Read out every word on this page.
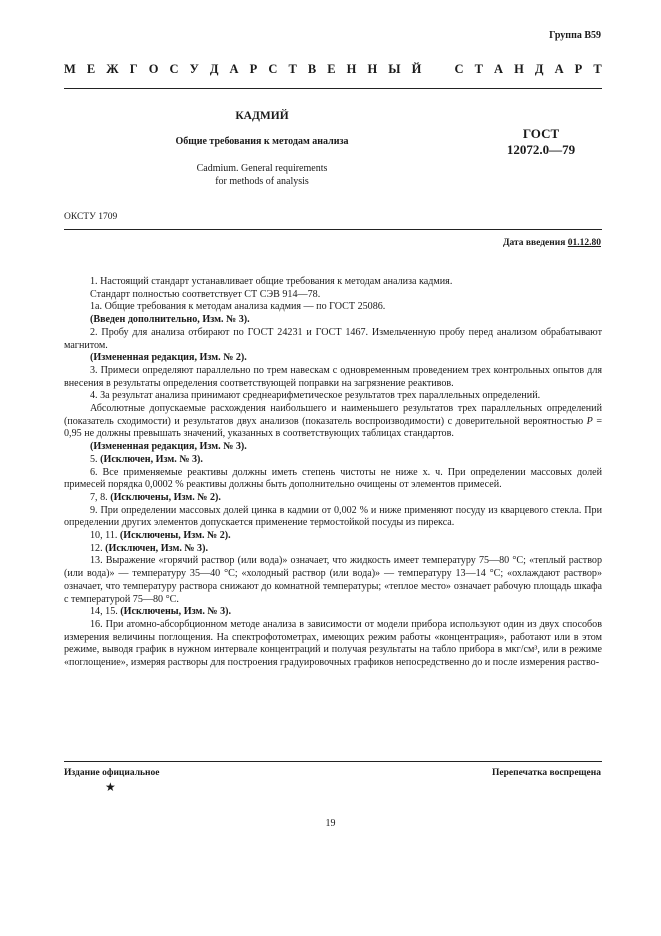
Группа B59
М Е Ж Г О С У Д А Р С Т В Е Н Н Ы Й	С Т А Н Д А Р Т
КАДМИЙ
Общие требования к методам анализа
Cadmium. General requirements
for methods of analysis
ГОСТ
12072.0—79
ОКСТУ 1709
Дата введения 01.12.80

1. Настоящий стандарт устанавливает общие требования к методам анализа кадмия.

Стандарт полностью соответствует СТ СЭВ 914—78.

1а. Общие требования к методам анализа кадмия — по ГОСТ 25086.

(Введен дополнительно, Изм. № 3).

2. Пробу для анализа отбирают по ГОСТ 24231 и ГОСТ 1467. Измельченную пробу перед анализом обрабатывают магнитом.

(Измененная редакция, Изм. № 2).

3. Примеси определяют параллельно по трем навескам с одновременным проведением трех контрольных опытов для внесения в результаты определения соответствующей поправки на загрязнение реактивов.

4. За результат анализа принимают среднеарифметическое результатов трех параллельных определений.

Абсолютные допускаемые расхождения наибольшего и наименьшего результатов трех параллельных определений (показатель сходимости) и результатов двух анализов (показатель воспроизводимости) с доверительной вероятностью P = 0,95 не должны превышать значений, указанных в соответствующих таблицах стандартов.

(Измененная редакция, Изм. № 3).

5. (Исключен, Изм. № 3).

6. Все применяемые реактивы должны иметь степень чистоты не ниже х. ч. При определении массовых долей примесей порядка 0,0002 % реактивы должны быть дополнительно очищены от элементов примесей.

7, 8. (Исключены, Изм. № 2).

9. При определении массовых долей цинка в кадмии от 0,002 % и ниже применяют посуду из кварцевого стекла. При определении других элементов допускается применение термостойкой посуды из пирекса.

10, 11. (Исключены, Изм. № 2).

12. (Исключен, Изм. № 3).

13. Выражение «горячий раствор (или вода)» означает, что жидкость имеет температуру 75—80 °С; «теплый раствор (или вода)» — температуру 35—40 °С; «холодный раствор (или вода)» — температуру 13—14 °С; «охлаждают раствор» означает, что температуру раствора снижают до комнатной температуры; «теплое место» означает рабочую площадь шкафа с температурой 75—80 °С.

14, 15. (Исключены, Изм. № 3).

16. При атомно-абсорбционном методе анализа в зависимости от модели прибора используют один из двух способов измерения величины поглощения. На спектрофотометрах, имеющих режим работы «концентрация», работают или в этом режиме, выводя график в нужном интервале концентраций и получая результаты на табло прибора в мкг/см³, или в режиме «поглощение», измеряя растворы для построения градуировочных графиков непосредственно до и после измерения раство-

Издание официальное
★
Перепечатка воспрещена
19
